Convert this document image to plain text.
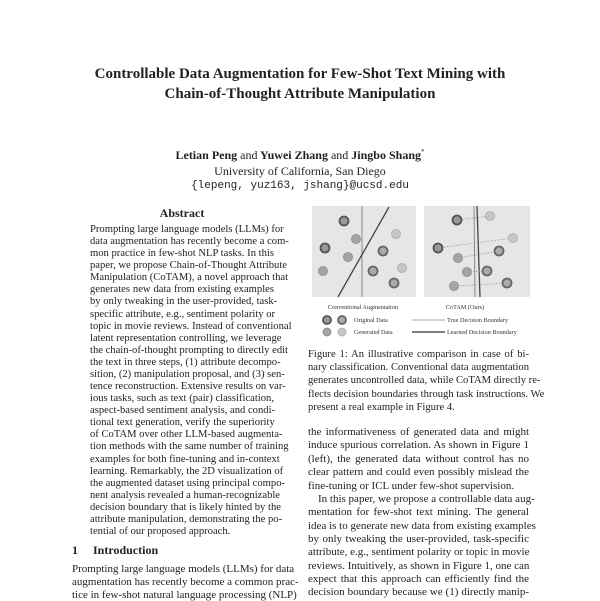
Controllable Data Augmentation for Few-Shot Text Mining with
Chain-of-Thought Attribute Manipulation
Letian Peng and Yuwei Zhang and Jingbo Shang*
University of California, San Diego
{lepeng, yuz163, jshang}@ucsd.edu
Abstract
Prompting large language models (LLMs) for
data augmentation has recently become a com-
mon practice in few-shot NLP tasks. In this
paper, we propose Chain-of-Thought Attribute
Manipulation (CoTAM), a novel approach that
generates new data from existing examples
by only tweaking in the user-provided, task-
specific attribute, e.g., sentiment polarity or
topic in movie reviews. Instead of conventional
latent representation controlling, we leverage
the chain-of-thought prompting to directly edit
the text in three steps, (1) attribute decompo-
sition, (2) manipulation proposal, and (3) sen-
tence reconstruction. Extensive results on var-
ious tasks, such as text (pair) classification,
aspect-based sentiment analysis, and condi-
tional text generation, verify the superiority
of CoTAM over other LLM-based augmenta-
tion methods with the same number of training
examples for both fine-tuning and in-context
learning. Remarkably, the 2D visualization of
the augmented dataset using principal compo-
nent analysis revealed a human-recognizable
decision boundary that is likely hinted by the
attribute manipulation, demonstrating the po-
tential of our proposed approach.
1 Introduction
Prompting large language models (LLMs) for data
augmentation has recently become a common prac-
tice in few-shot natural language processing (NLP)
Conventional Augmentation	CoTAM (Ours)
Original Data
Generated Data
True Decision Boundary
Learned Decision Boundary
Figure 1: An illustrative comparison in case of bi-
nary classification. Conventional data augmentation
generates uncontrolled data, while CoTAM directly re-
flects decision boundaries through task instructions. We
present a real example in Figure 4.
the informativeness of generated data and might
induce spurious correlation. As shown in Figure 1
(left), the generated data without control has no
clear pattern and could even possibly mislead the
fine-tuning or ICL under few-shot supervision.
In this paper, we propose a controllable data aug-
mentation for few-shot text mining. The general
idea is to generate new data from existing examples
by only tweaking the user-provided, task-specific
attribute, e.g., sentiment polarity or topic in movie
reviews. Intuitively, as shown in Figure 1, one can
expect that this approach can efficiently find the
decision boundary because we (1) directly manip-
